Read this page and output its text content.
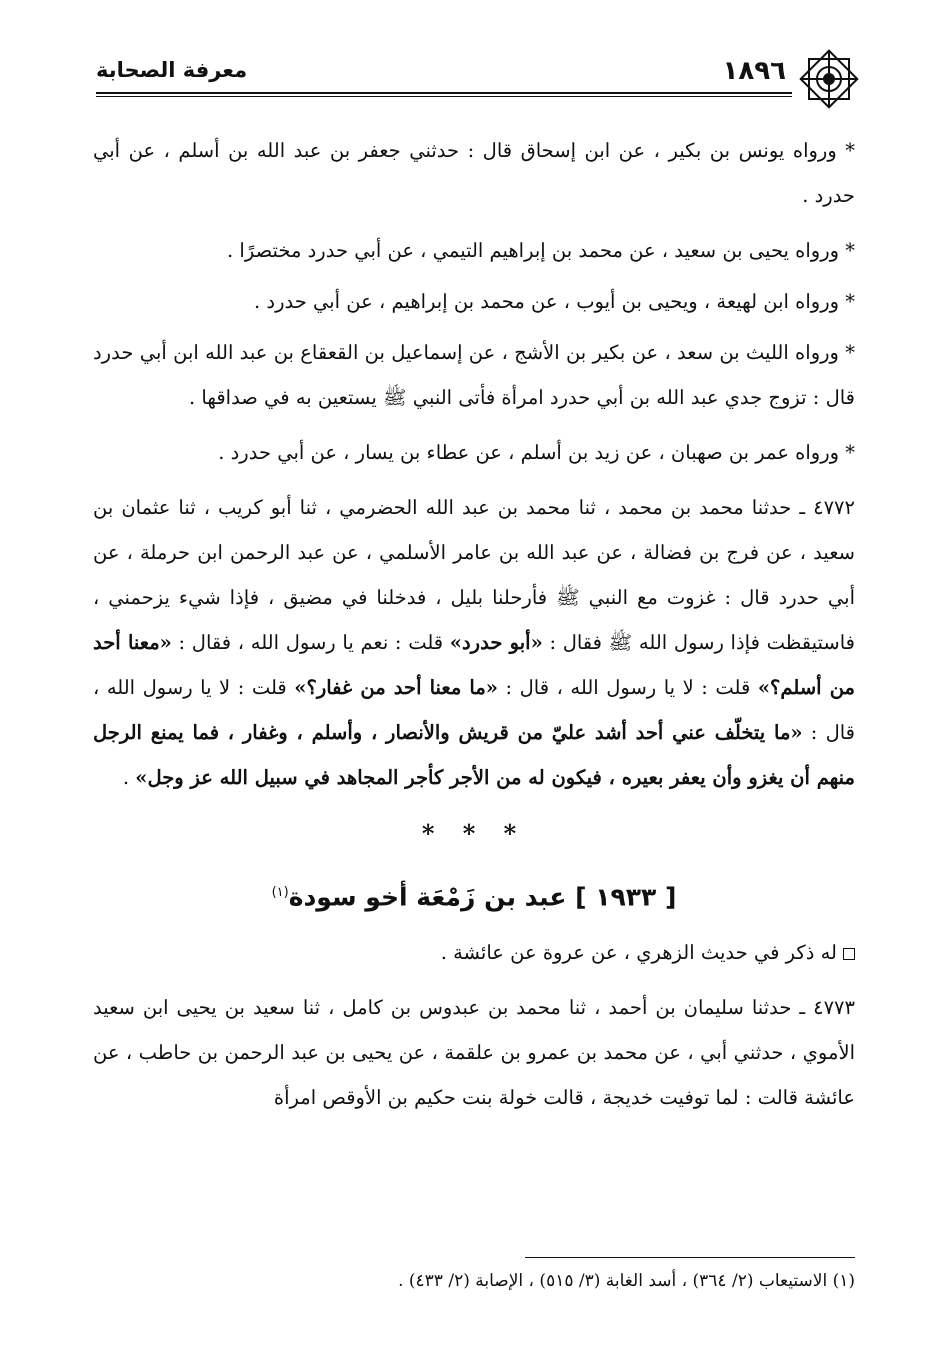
١٨٩٦
معرفة الصحابة

* ورواه يونس بن بكير ، عن ابن إسحاق قال : حدثني جعفر بن عبد الله بن أسلم ، عن أبي حدرد .

* ورواه يحيى بن سعيد ، عن محمد بن إبراهيم التيمي ، عن أبي حدرد مختصرًا .

* ورواه ابن لهيعة ، ويحيى بن أيوب ، عن محمد بن إبراهيم ، عن أبي حدرد .

* ورواه الليث بن سعد ، عن بكير بن الأشج ، عن إسماعيل بن القعقاع بن عبد الله ابن أبي حدرد قال : تزوج جدي عبد الله بن أبي حدرد امرأة فأتى النبي ﷺ يستعين به في صداقها .

* ورواه عمر بن صهبان ، عن زيد بن أسلم ، عن عطاء بن يسار ، عن أبي حدرد .

٤٧٧٢ ـ حدثنا محمد بن محمد ، ثنا محمد بن عبد الله الحضرمي ، ثنا أبو كريب ، ثنا عثمان بن سعيد ، عن فرج بن فضالة ، عن عبد الله بن عامر الأسلمي ، عن عبد الرحمن ابن حرملة ، عن أبي حدرد قال : غزوت مع النبي ﷺ فأرحلنا بليل ، فدخلنا في مضيق ، فإذا شيء يزحمني ، فاستيقظت فإذا رسول الله ﷺ فقال : «أبو حدرد» قلت : نعم يا رسول الله ، فقال : «معنا أحد من أسلم؟» قلت : لا يا رسول الله ، قال : «ما معنا أحد من غفار؟» قلت : لا يا رسول الله ، قال : «ما يتخلّف عني أحد أشد عليّ من قريش والأنصار ، وأسلم ، وغفار ، فما يمنع الرجل منهم أن يغزو وأن يعفر بعيره ، فيكون له من الأجر كأجر المجاهد في سبيل الله عز وجل» .

* * *
[ ١٩٣٣ ] عبد بن زَمْعَة أخو سودة$^{(١)}$

له ذكر في حديث الزهري ، عن عروة عن عائشة .

٤٧٧٣ ـ حدثنا سليمان بن أحمد ، ثنا محمد بن عبدوس بن كامل ، ثنا سعيد بن يحيى ابن سعيد الأموي ، حدثني أبي ، عن محمد بن عمرو بن علقمة ، عن يحيى بن عبد الرحمن بن حاطب ، عن عائشة قالت : لما توفيت خديجة ، قالت خولة بنت حكيم بن الأوقص امرأة

(١) الاستيعاب (٢/ ٣٦٤) ، أسد الغابة (٣/ ٥١٥) ، الإصابة (٢/ ٤٣٣) .
